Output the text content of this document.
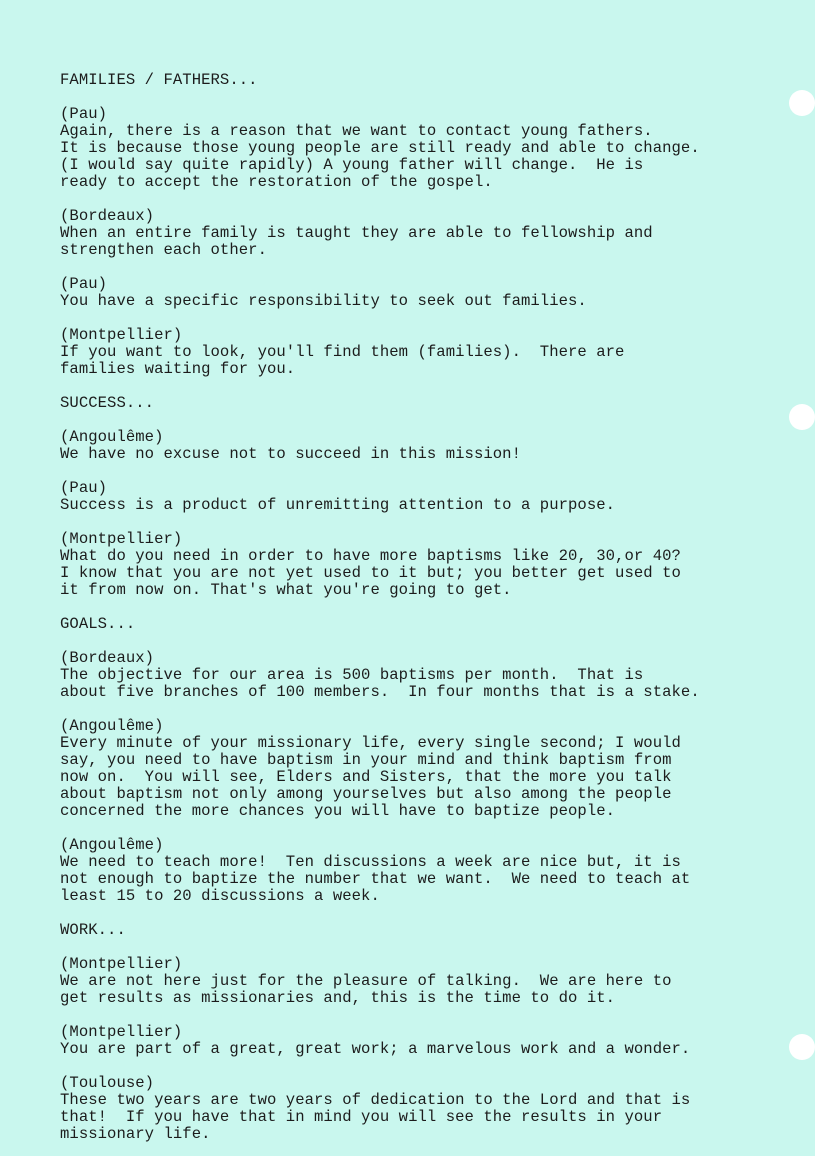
FAMILIES / FATHERS...
(Pau)
Again, there is a reason that we want to contact young fathers.
It is because those young people are still ready and able to change.
(I would say quite rapidly) A young father will change.  He is
ready to accept the restoration of the gospel.
(Bordeaux)
When an entire family is taught they are able to fellowship and
strengthen each other.
(Pau)
You have a specific responsibility to seek out families.
(Montpellier)
If you want to look, you'll find them (families).  There are
families waiting for you.
SUCCESS...
(Angoulême)
We have no excuse not to succeed in this mission!
(Pau)
Success is a product of unremitting attention to a purpose.
(Montpellier)
What do you need in order to have more baptisms like 20, 30,or 40?
I know that you are not yet used to it but; you better get used to
it from now on. That's what you're going to get.
GOALS...
(Bordeaux)
The objective for our area is 500 baptisms per month.  That is
about five branches of 100 members.  In four months that is a stake.
(Angoulême)
Every minute of your missionary life, every single second; I would
say, you need to have baptism in your mind and think baptism from
now on.  You will see, Elders and Sisters, that the more you talk
about baptism not only among yourselves but also among the people
concerned the more chances you will have to baptize people.
(Angoulême)
We need to teach more!  Ten discussions a week are nice but, it is
not enough to baptize the number that we want.  We need to teach at
least 15 to 20 discussions a week.
WORK...
(Montpellier)
We are not here just for the pleasure of talking.  We are here to
get results as missionaries and, this is the time to do it.
(Montpellier)
You are part of a great, great work; a marvelous work and a wonder.
(Toulouse)
These two years are two years of dedication to the Lord and that is
that!  If you have that in mind you will see the results in your
missionary life.
